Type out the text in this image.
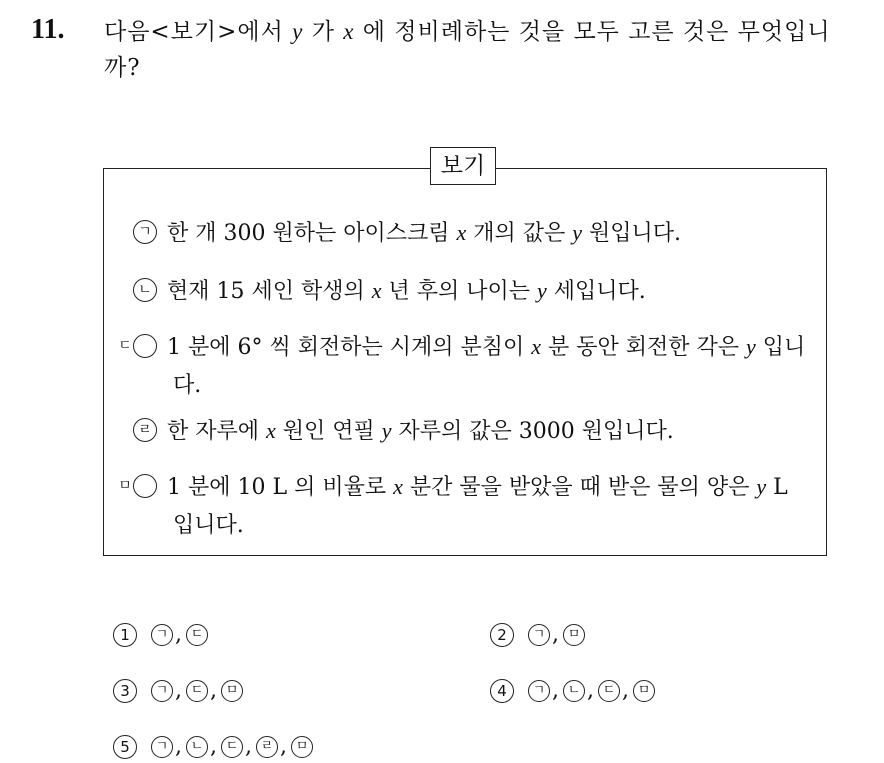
11. 다음<보기>에서 y 가 x 에 정비례하는 것을 모두 고른 것은 무엇입니까?
보기
ㄱ 한 개 300 원하는 아이스크림 x 개의 값은 y 원입니다.
ㄴ 현재 15 세인 학생의 x 년 후의 나이는 y 세입니다.
ㄷ 1 분에 6° 씩 회전하는 시계의 분침이 x 분 동안 회전한 각은 y 입니다.
ㄹ 한 자루에 x 원인 연필 y 자루의 값은 3000 원입니다.
ㅁ 1 분에 10 L 의 비율로 x 분간 물을 받았을 때 받은 물의 양은 y L 입니다.
1	ㄱ , ㄷ	2	ㄱ , ㅁ
3	ㄱ , ㄷ , ㅁ	4	ㄱ , ㄴ , ㄷ , ㅁ
5	ㄱ , ㄴ , ㄷ , ㄹ , ㅁ
